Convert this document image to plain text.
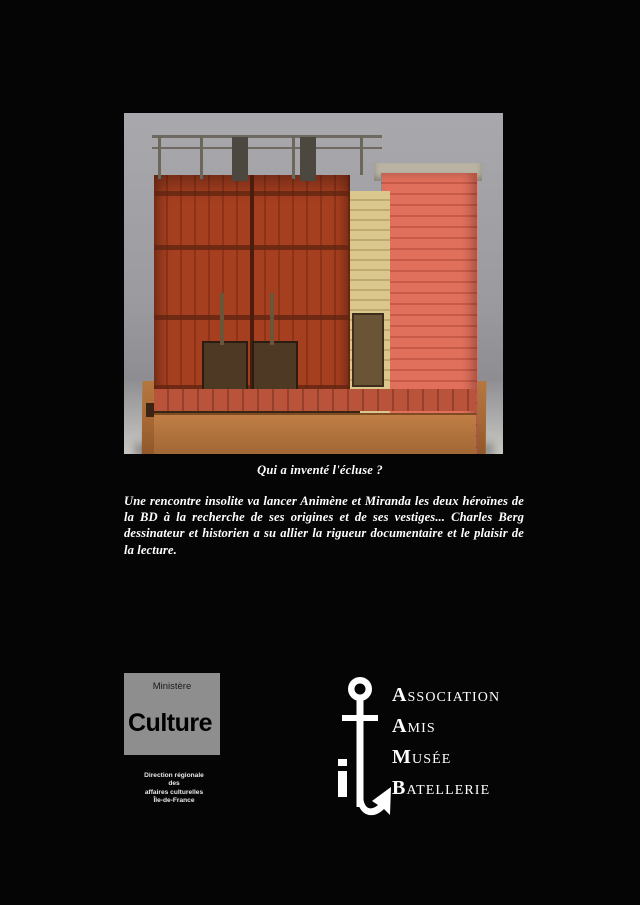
Qui a inventé l'écluse ?
Une rencontre insolite va lancer Animène et Miranda les deux héroïnes de la BD à la recherche de ses origines et de ses vestiges... Charles Berg dessinateur et historien a su allier la rigueur documentaire et le plaisir de la lecture.
Ministère
Culture
Direction régionale
des
affaires culturelles
Île-de-France
ASSOCIATION
AMIS
MUSÉE
BATELLERIE
